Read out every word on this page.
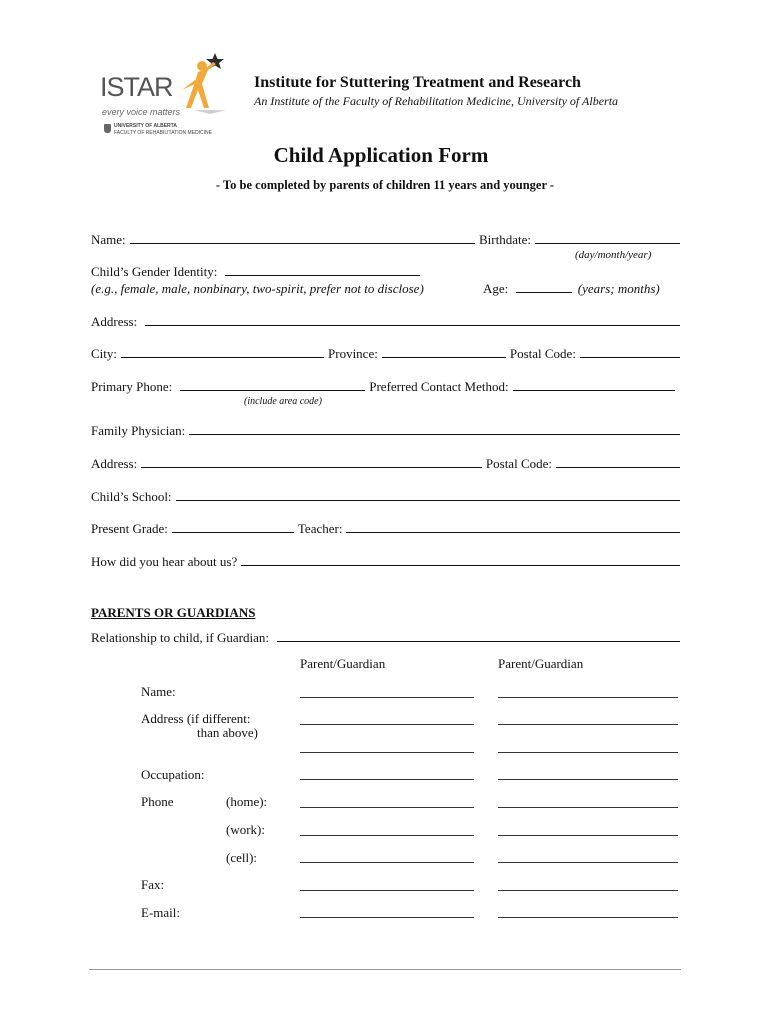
ISTAR
every voice matters
UNIVERSITY OF ALBERTA
FACULTY OF REHABILITATION MEDICINE
Institute for Stuttering Treatment and Research
An Institute of the Faculty of Rehabilitation Medicine, University of Alberta
Child Application Form
- To be completed by parents of children 11 years and younger -
Name:	Birthdate:
(day/month/year)
Child’s Gender Identity:
(e.g., female, male, nonbinary, two-spirit, prefer not to disclose)	Age:	(years; months)
Address:
City:	Province:	Postal Code:
Primary Phone:	Preferred Contact Method:
(include area code)
Family Physician:
Address:	Postal Code:
Child’s School:
Present Grade:	Teacher:
How did you hear about us?
PARENTS OR GUARDIANS
Relationship to child, if Guardian:
Parent/Guardian	Parent/Guardian
Name:
Address (if different:
than above)
Occupation:
Phone	(home):
(work):
(cell):
Fax:
E-mail:
